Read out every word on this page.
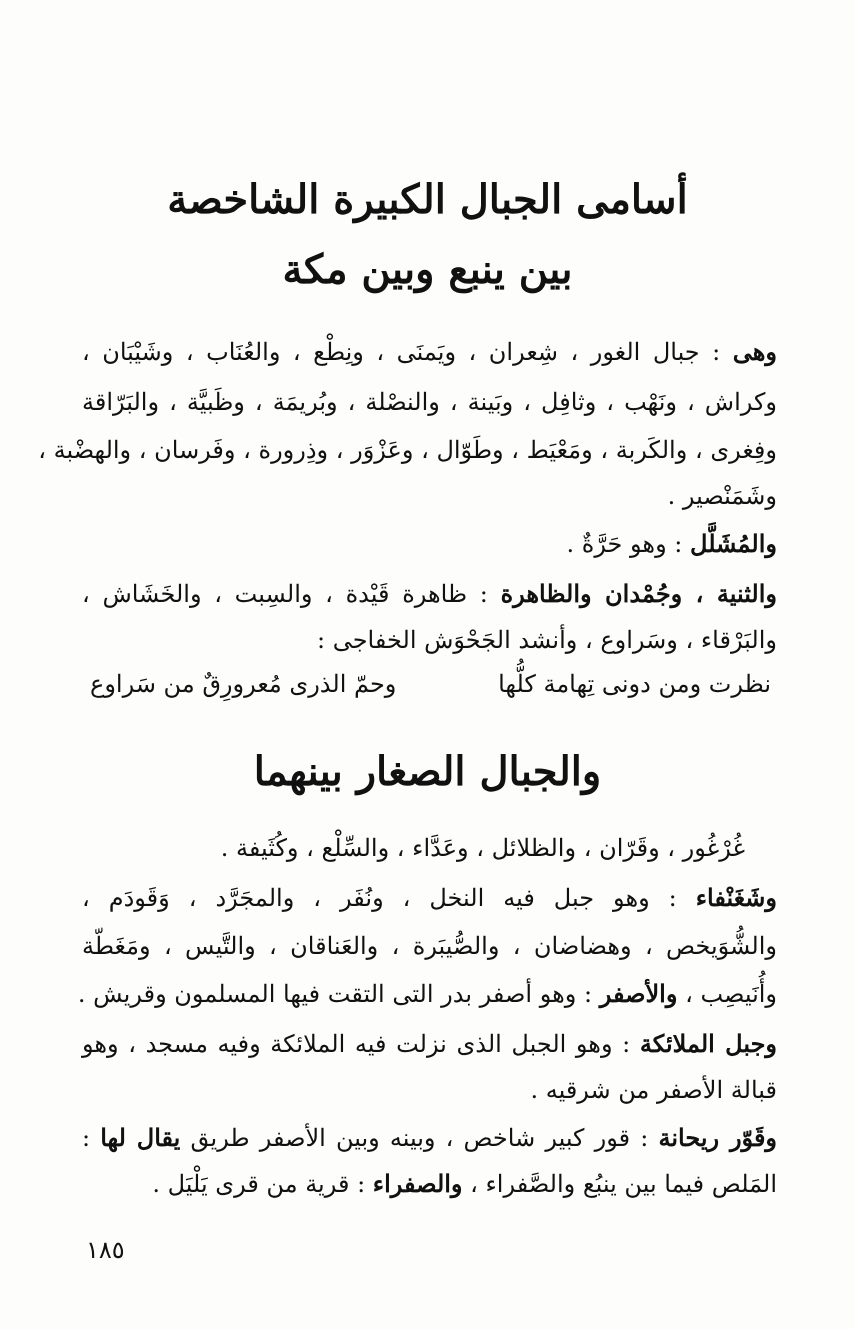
أسامى الجبال الكبيرة الشاخصة
بين ينبع وبين مكة
وهى : جبال الغور ، شِعران ، ويَمنَى ، ونِطْع ، والعُنَاب ، وشَيْبَان ،
وكراش ، ونَهْب ، وثافِل ، وبَينة ، والنصْلة ، وبُريمَة ، وظَبيَّة ، والبَرّاقة
وفِغرى ، والكَربة ، ومَعْيَط ، وطَوّال ، وعَزْوَر ، وذِرورة ، وفَرسان ، والهضْبة ،
وشَمَنْصير .
والمُشَلَّل : وهو حَرَّةٌ .
والثنية ، وجُمْدان والظاهرة : ظاهرة قَيْدة ، والسِبت ، والخَشَاش ،
والبَرْقاء ، وسَراوع ، وأنشد الجَحْوَش الخفاجى :
نظرت ومن دونى تِهامة كلُّها
وحمّ الذرى مُعرورِقٌ من سَراوع
والجبال الصغار بينهما
غُرْغُور ، وقَرّان ، والظلائل ، وعَدَّاء ، والسِّلْع ، وكُثَيفة .
وشَغَنْفاء : وهو جبل فيه النخل ، ونُفَر ، والمجَرَّد ، وَقَودَم ،
والشُّوَيخص ، وهضاضان ، والصُّيبَرة ، والعَناقان ، والتَّيس ، ومَغَطّة
وأُنَيصِب ، والأصفر : وهو أصفر بدر التى التقت فيها المسلمون وقريش .
وجبل الملائكة : وهو الجبل الذى نزلت فيه الملائكة وفيه مسجد ، وهو
قبالة الأصفر من شرقيه .
وقَوّر ريحانة : قور كبير شاخص ، وبينه وبين الأصفر طريق يقال لها :
المَلص فيما بين ينبُع والصَّفراء ، والصفراء : قرية من قرى يَلْيَل .
١٨٥
